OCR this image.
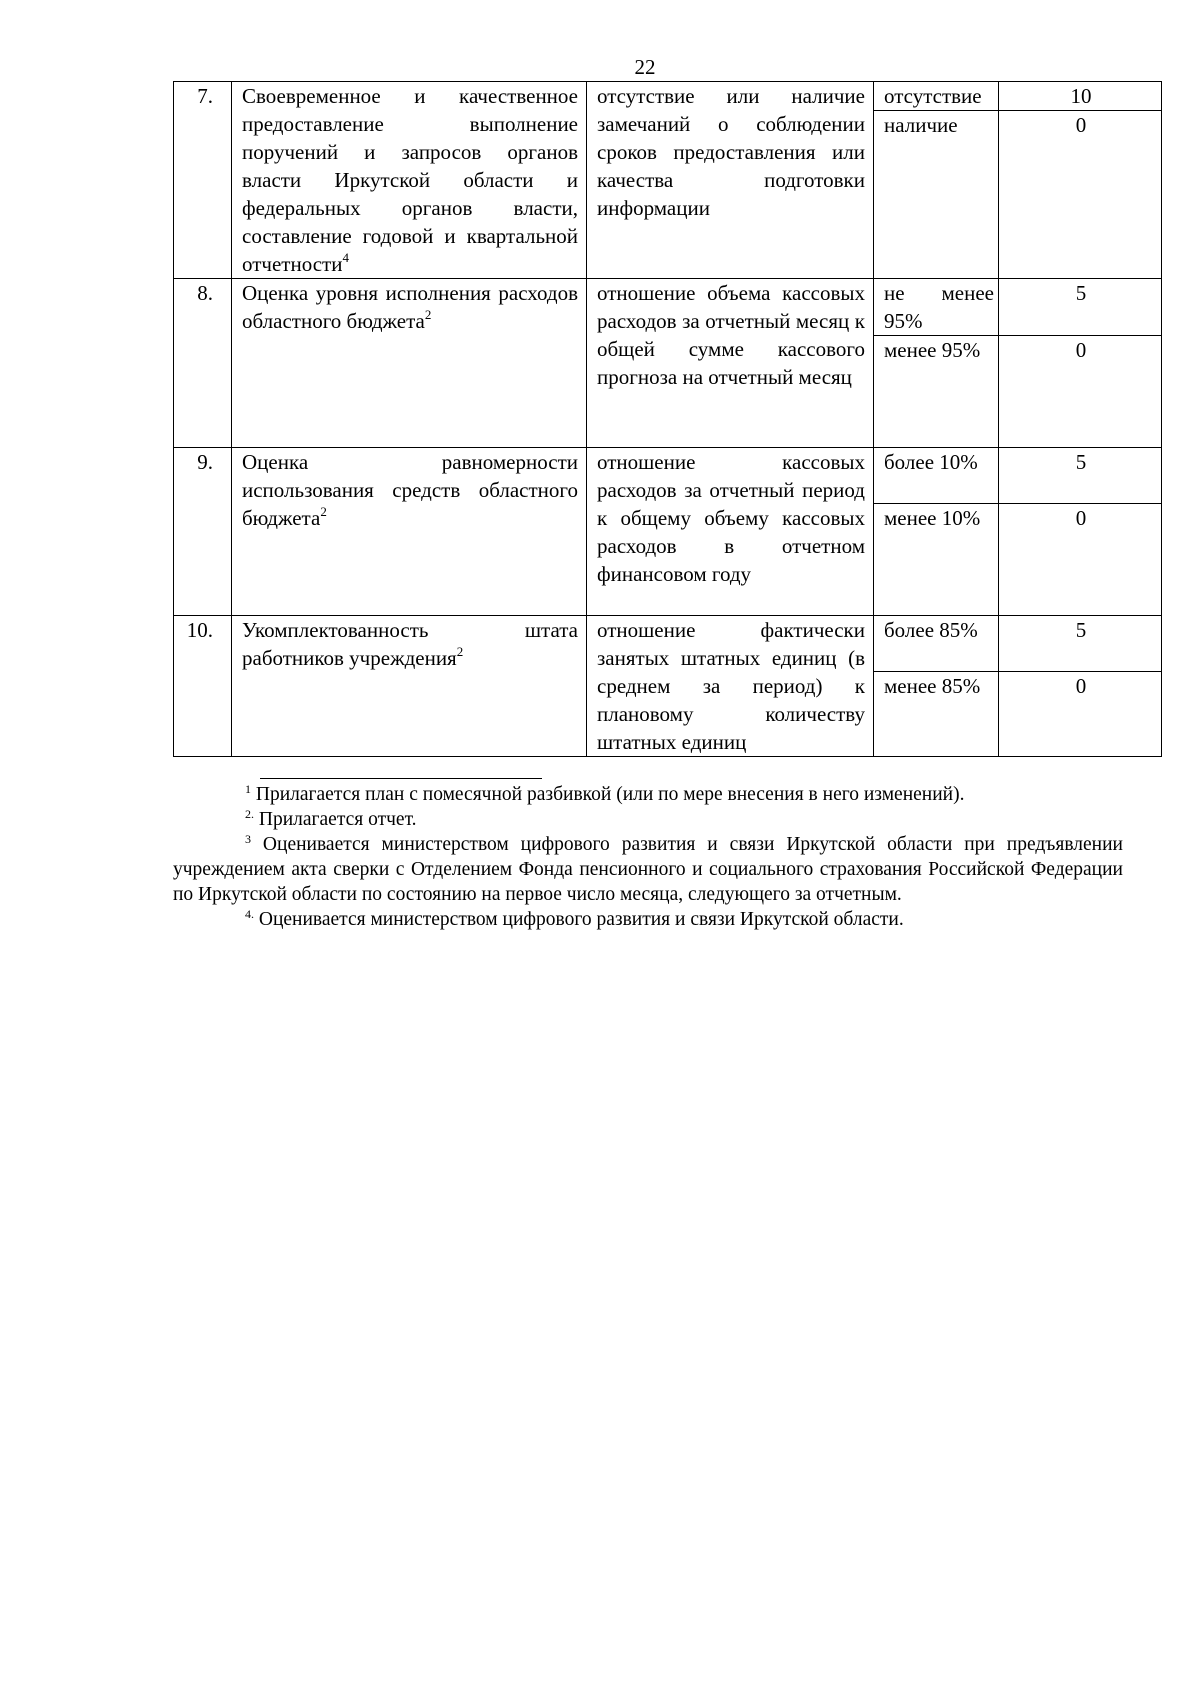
22
7.	Своевременное и качественное предоставление выполнение поручений и запросов органов власти Иркутской области и федеральных органов власти, составление годовой и квартальной отчетности$^4$	отсутствие или наличие замечаний о соблюдении сроков предоставления или качества подготовки информации	отсутствие	10
			наличие	0
8.	Оценка уровня исполнения расходов областного бюджета$^2$	отношение объема кассовых расходов за отчетный месяц к общей сумме кассового прогноза на отчетный месяц	не менее 95%	5
			менее 95%	0
9.	Оценка равномерности использования средств областного бюджета$^2$	отношение кассовых расходов за отчетный период к общему объему кассовых расходов в отчетном финансовом году	более 10%	5
			менее 10%	0
10.	Укомплектованность штата работников учреждения$^2$	отношение фактически занятых штатных единиц (в среднем за период) к плановому количеству штатных единиц	более 85%	5
			менее 85%	0

$^1$ Прилагается план с помесячной разбивкой (или по мере внесения в него изменений).

$^{2.}$ Прилагается отчет.

$^3$ Оценивается министерством цифрового развития и связи Иркутской области при предъявлении учреждением акта сверки с Отделением Фонда пенсионного и социального страхования Российской Федерации по Иркутской области по состоянию на первое число месяца, следующего за отчетным.

$^{4.}$ Оценивается министерством цифрового развития и связи Иркутской области.
